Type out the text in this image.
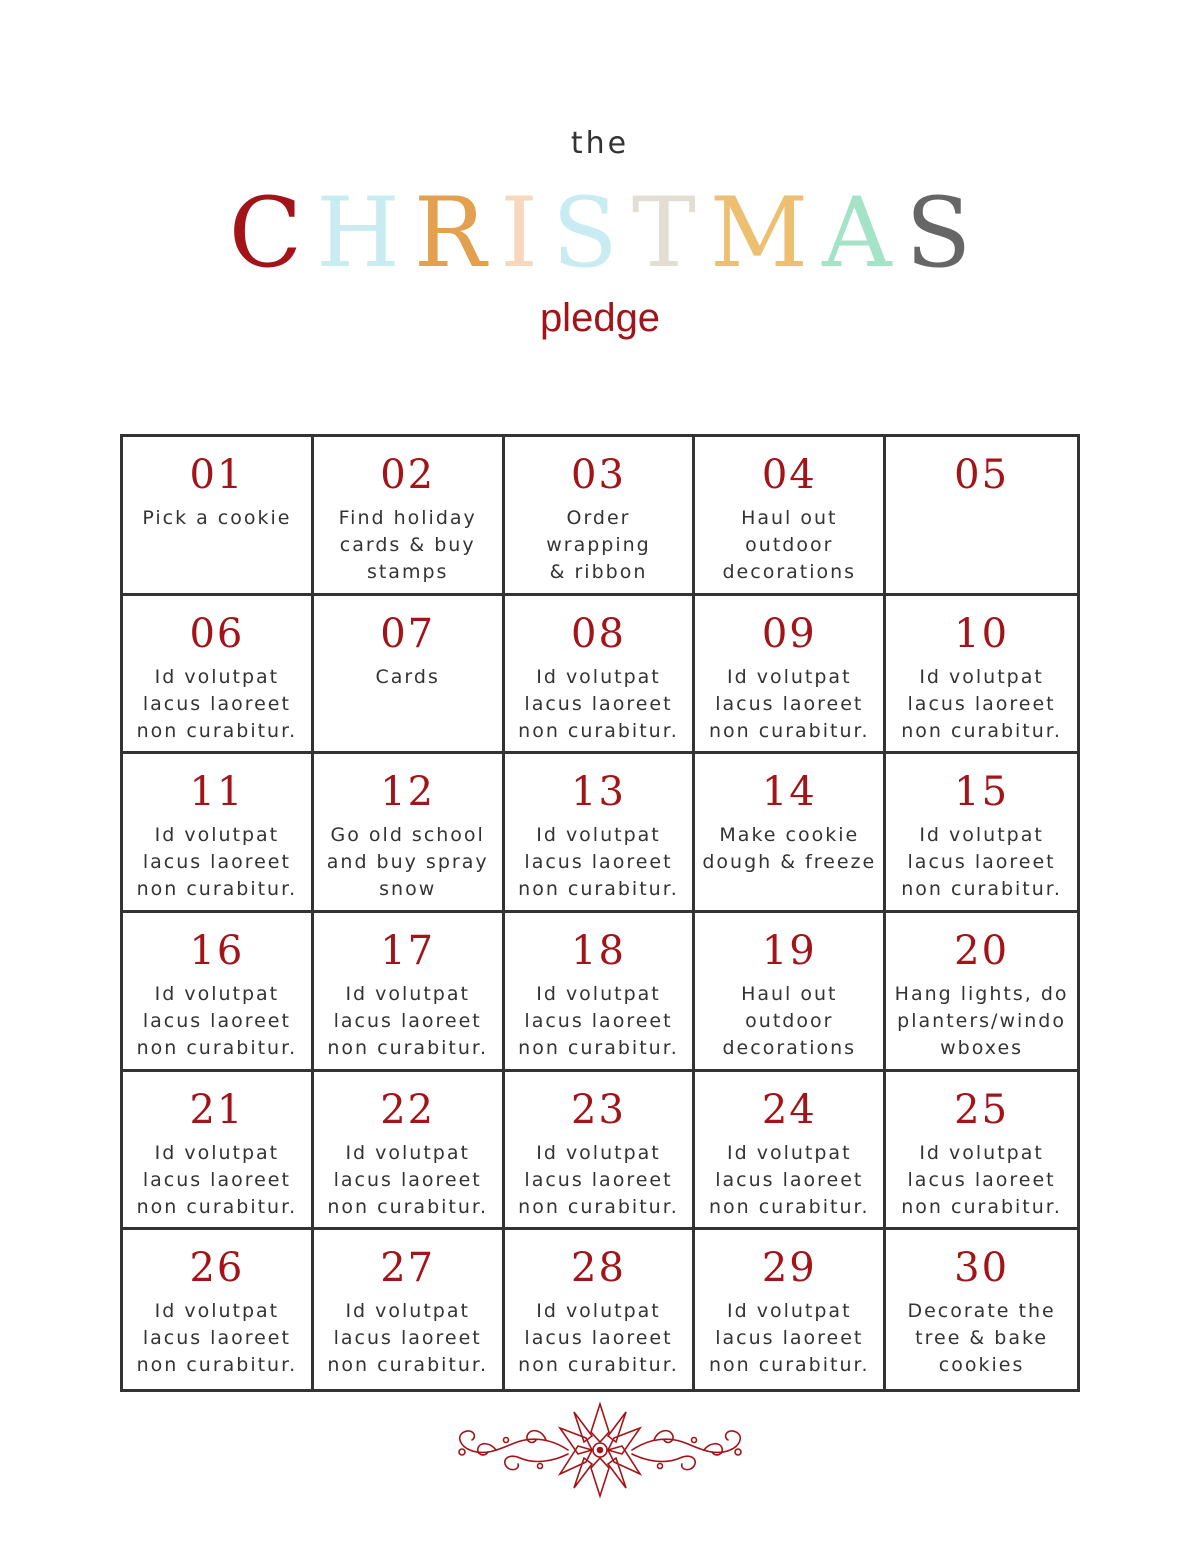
the
C H R I S T M A S
pledge
01
Pick a cookie
02
Find holiday
cards & buy
stamps
03
Order wrapping
& ribbon
04
Haul out
outdoor
decorations
05
06
Id volutpat
lacus laoreet
non curabitur.
07
Cards
08
Id volutpat
lacus laoreet
non curabitur.
09
Id volutpat
lacus laoreet
non curabitur.
10
Id volutpat
lacus laoreet
non curabitur.
11
Id volutpat
lacus laoreet
non curabitur.
12
Go old school
and buy spray
snow
13
Id volutpat
lacus laoreet
non curabitur.
14
Make cookie
dough & freeze
15
Id volutpat
lacus laoreet
non curabitur.
16
Id volutpat
lacus laoreet
non curabitur.
17
Id volutpat
lacus laoreet
non curabitur.
18
Id volutpat
lacus laoreet
non curabitur.
19
Haul out
outdoor
decorations
20
Hang lights, do
planters/windo
wboxes
21
Id volutpat
lacus laoreet
non curabitur.
22
Id volutpat
lacus laoreet
non curabitur.
23
Id volutpat
lacus laoreet
non curabitur.
24
Id volutpat
lacus laoreet
non curabitur.
25
Id volutpat
lacus laoreet
non curabitur.
26
Id volutpat
lacus laoreet
non curabitur.
27
Id volutpat
lacus laoreet
non curabitur.
28
Id volutpat
lacus laoreet
non curabitur.
29
Id volutpat
lacus laoreet
non curabitur.
30
Decorate the
tree & bake
cookies
